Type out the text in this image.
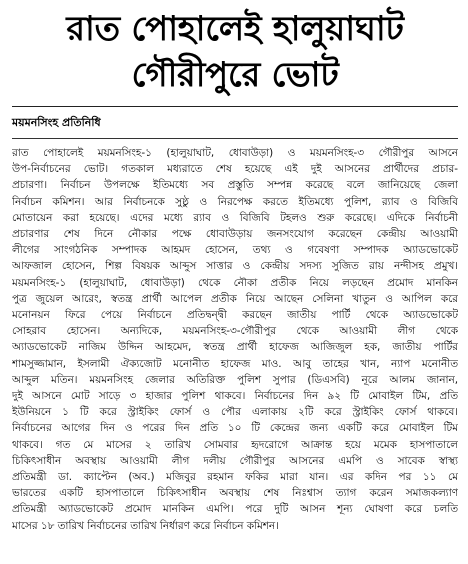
রাত পোহালেই হালুয়াঘাট
গৌরীপুরে ভোট
ময়মনসিংহ প্রতিনিধি
রাত পোহালেই ময়মনসিংহ-১ (হালুয়াঘাট, ধোবাউড়া) ও ময়মনসিংহ-৩ গৌরীপুর আসনে
উপ-নির্বাচনের ভোট। গতকাল মধ্যরাতে শেষ হয়েছে এই দুই আসনের প্রার্থীদের প্রচার-
প্রচারণা। নির্বাচন উপলক্ষে ইতিমধ্যে সব প্রস্তুতি সম্পন্ন করেছে বলে জানিয়েছে জেলা
নির্বাচন কমিশন। আর নির্বাচনকে সুষ্ঠু ও নিরপেক্ষ করতে ইতিমধ্যে পুলিশ, র‍্যাব ও বিজিবি
মোতায়েন করা হয়েছে। এদের মধ্যে র‍্যাব ও বিজিবি টহলও শুরু করেছে। এদিকে নির্বাচনী
প্রচারণার শেষ দিনে নৌকার পক্ষে ধোবাউড়ায় জনসংযোগ করেছেন কেন্দ্রীয় আওয়ামী
লীগের সাংগঠনিক সম্পাদক আহমদ হোসেন, তথ্য ও গবেষণা সম্পাদক অ্যাডভোকেট
আফজাল হোসেন, শিল্প বিষয়ক আব্দুস সাত্তার ও কেন্দ্রীয় সদস্য সুজিত রায় নন্দীসহ প্রমুখ।
ময়মনসিংহ-১ (হালুয়াঘাট, ধোবাউড়া) থেকে নৌকা প্রতীক নিয়ে লড়ছেন প্রমোদ মানকিন
পুত্র জুয়েল আরেং, স্বতন্ত্র প্রার্থী আপেল প্রতীক নিয়ে আছেন সেলিনা খাতুন ও আপিল করে
মনোনয়ন ফিরে পেয়ে নির্বাচনে প্রতিদ্বন্দ্বী করছেন জাতীয় পার্টি থেকে অ্যাডভোকেট
সোহরাব হোসেন। অন্যদিকে, ময়মনসিংহ-৩-গৌরীপুর থেকে আওয়ামী লীগ থেকে
অ্যাডভোকেট নাজিম উদ্দিন আহমেদ, স্বতন্ত্র প্রার্থী হাফেজ আজিজুল হক, জাতীয় পার্টির
শামসুজ্জামান, ইসলামী ঐক্যজোট মনোনীত হাফেজ মাও. আবু তাহের খান, ন্যাপ মনোনীত
আব্দুল মতিন। ময়মনসিংহ জেলার অতিরিক্ত পুলিশ সুপার (ডিএসবি) নূরে আলম জানান,
দুই আসনে মোট সাড়ে ৩ হাজার পুলিশ থাকবে। নির্বাচনের দিন ৯২ টি মোবাইল টিম, প্রতি
ইউনিয়নে ১ টি করে স্ট্রাইকিং ফোর্স ও পৌর এলাকায় ২টি করে স্ট্রাইকিং ফোর্স থাকবে।
নির্বাচনের আগের দিন ও পরের দিন প্রতি ১০ টি কেন্দ্রের জন্য একটি করে মোবাইল টিম
থাকবে। গত মে মাসের ২ তারিখ সোমবার হৃদরোগে আক্রান্ত হয়ে মমেক হাসপাতালে
চিকিৎসাধীন অবস্থায় আওয়ামী লীগ দলীয় গৌরীপুর আসনের এমপি ও সাবেক স্বাস্থ্য
প্রতিমন্ত্রী ডা. ক্যাপ্টেন (অব.) মজিবুর রহমান ফকির মারা যান। এর কদিন পর ১১ মে
ভারতের একটি হাসপাতালে চিকিৎসাধীন অবস্থায় শেষ নিঃশ্বাস ত্যাগ করেন সমাজকল্যাণ
প্রতিমন্ত্রী অ্যাডভোকেট প্রমোদ মানকিন এমপি। পরে দুটি আসন শূন্য ঘোষণা করে চলতি
মাসের ১৮ তারিখ নির্বাচনের তারিখ নির্ধারণ করে নির্বাচন কমিশন।
